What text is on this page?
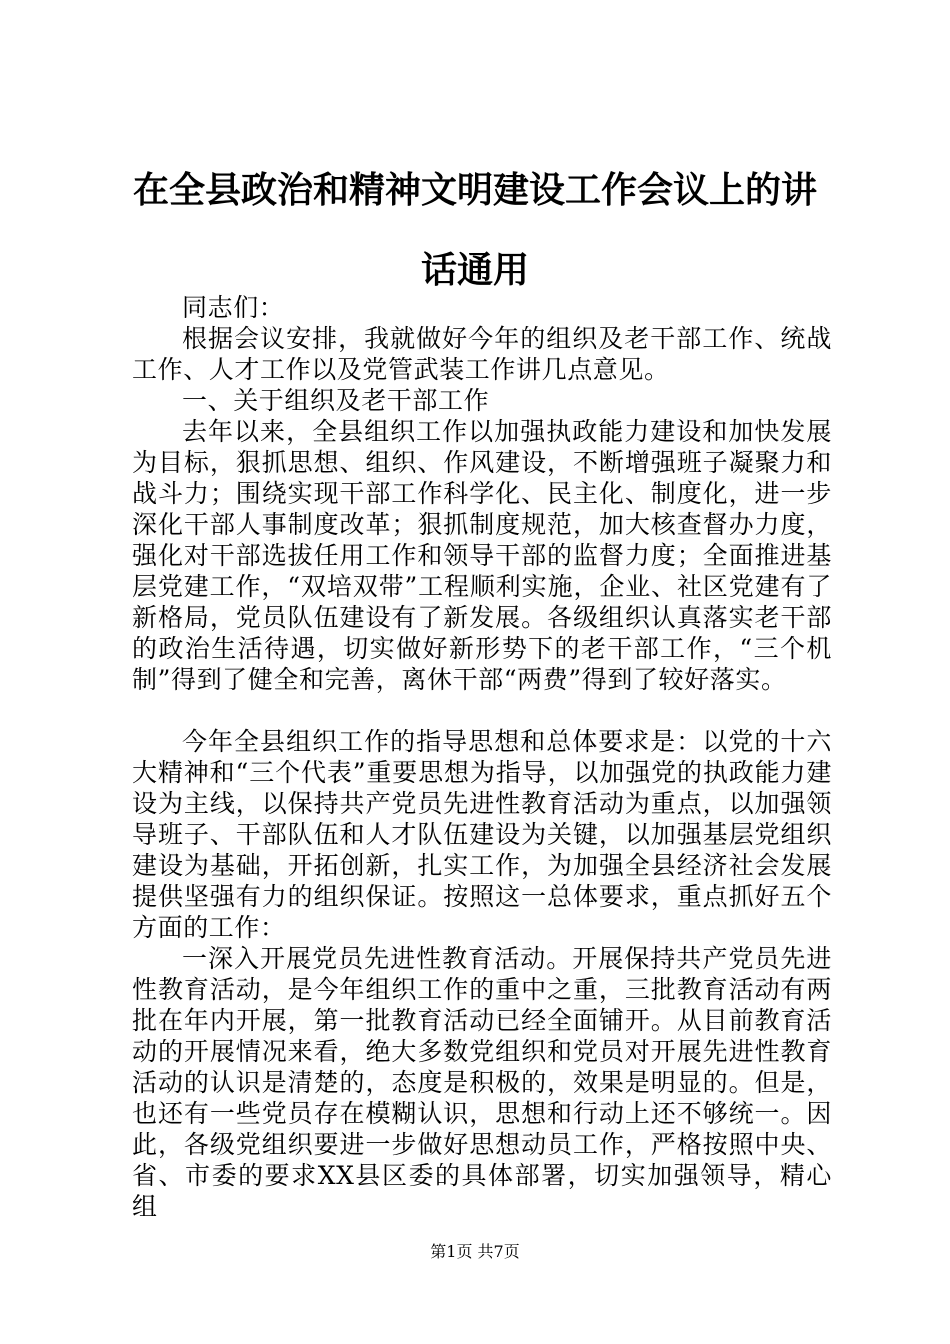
在全县政治和精神文明建设工作会议上的讲话通用

同志们：

根据会议安排，我就做好今年的组织及老干部工作、统战工作、人才工作以及党管武装工作讲几点意见。

一、关于组织及老干部工作

去年以来，全县组织工作以加强执政能力建设和加快发展为目标，狠抓思想、组织、作风建设，不断增强班子凝聚力和战斗力；围绕实现干部工作科学化、民主化、制度化，进一步深化干部人事制度改革；狠抓制度规范，加大核查督办力度，强化对干部选拔任用工作和领导干部的监督力度；全面推进基层党建工作，“双培双带”工程顺利实施，企业、社区党建有了新格局，党员队伍建设有了新发展。各级组织认真落实老干部的政治生活待遇，切实做好新形势下的老干部工作，“三个机制”得到了健全和完善，离休干部“两费”得到了较好落实。

今年全县组织工作的指导思想和总体要求是：以党的十六大精神和“三个代表”重要思想为指导，以加强党的执政能力建设为主线，以保持共产党员先进性教育活动为重点，以加强领导班子、干部队伍和人才队伍建设为关键，以加强基层党组织建设为基础，开拓创新，扎实工作，为加强全县经济社会发展提供坚强有力的组织保证。按照这一总体要求，重点抓好五个方面的工作：

一深入开展党员先进性教育活动。开展保持共产党员先进性教育活动，是今年组织工作的重中之重，三批教育活动有两批在年内开展，第一批教育活动已经全面铺开。从目前教育活动的开展情况来看，绝大多数党组织和党员对开展先进性教育活动的认识是清楚的，态度是积极的，效果是明显的。但是，也还有一些党员存在模糊认识，思想和行动上还不够统一。因此，各级党组织要进一步做好思想动员工作，严格按照中央、省、市委的要求XX县区委的具体部署，切实加强领导，精心组

第1页 共7页
